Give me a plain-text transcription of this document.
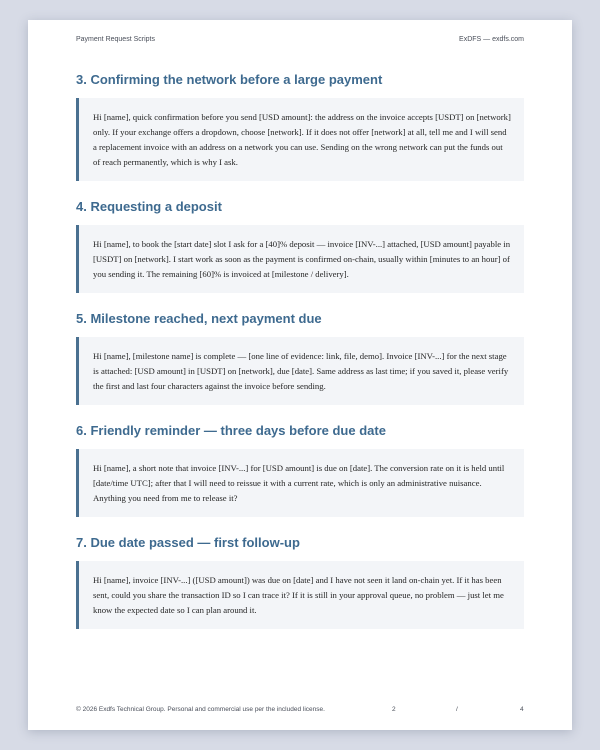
Payment Request Scripts	ExDFS — exdfs.com
3. Confirming the network before a large payment
Hi [name], quick confirmation before you send [USD amount]: the address on the invoice accepts [USDT] on [network] only. If your exchange offers a dropdown, choose [network]. If it does not offer [network] at all, tell me and I will send a replacement invoice with an address on a network you can use. Sending on the wrong network can put the funds out of reach permanently, which is why I ask.
4. Requesting a deposit
Hi [name], to book the [start date] slot I ask for a [40]% deposit — invoice [INV-...] attached, [USD amount] payable in [USDT] on [network]. I start work as soon as the payment is confirmed on-chain, usually within [minutes to an hour] of you sending it. The remaining [60]% is invoiced at [milestone / delivery].
5. Milestone reached, next payment due
Hi [name], [milestone name] is complete — [one line of evidence: link, file, demo]. Invoice [INV-...] for the next stage is attached: [USD amount] in [USDT] on [network], due [date]. Same address as last time; if you saved it, please verify the first and last four characters against the invoice before sending.
6. Friendly reminder — three days before due date
Hi [name], a short note that invoice [INV-...] for [USD amount] is due on [date]. The conversion rate on it is held until [date/time UTC]; after that I will need to reissue it with a current rate, which is only an administrative nuisance. Anything you need from me to release it?
7. Due date passed — first follow-up
Hi [name], invoice [INV-...] ([USD amount]) was due on [date] and I have not seen it land on-chain yet. If it has been sent, could you share the transaction ID so I can trace it? If it is still in your approval queue, no problem — just let me know the expected date so I can plan around it.
© 2026 Exdfs Technical Group. Personal and commercial use per the included license.	2	/	4
